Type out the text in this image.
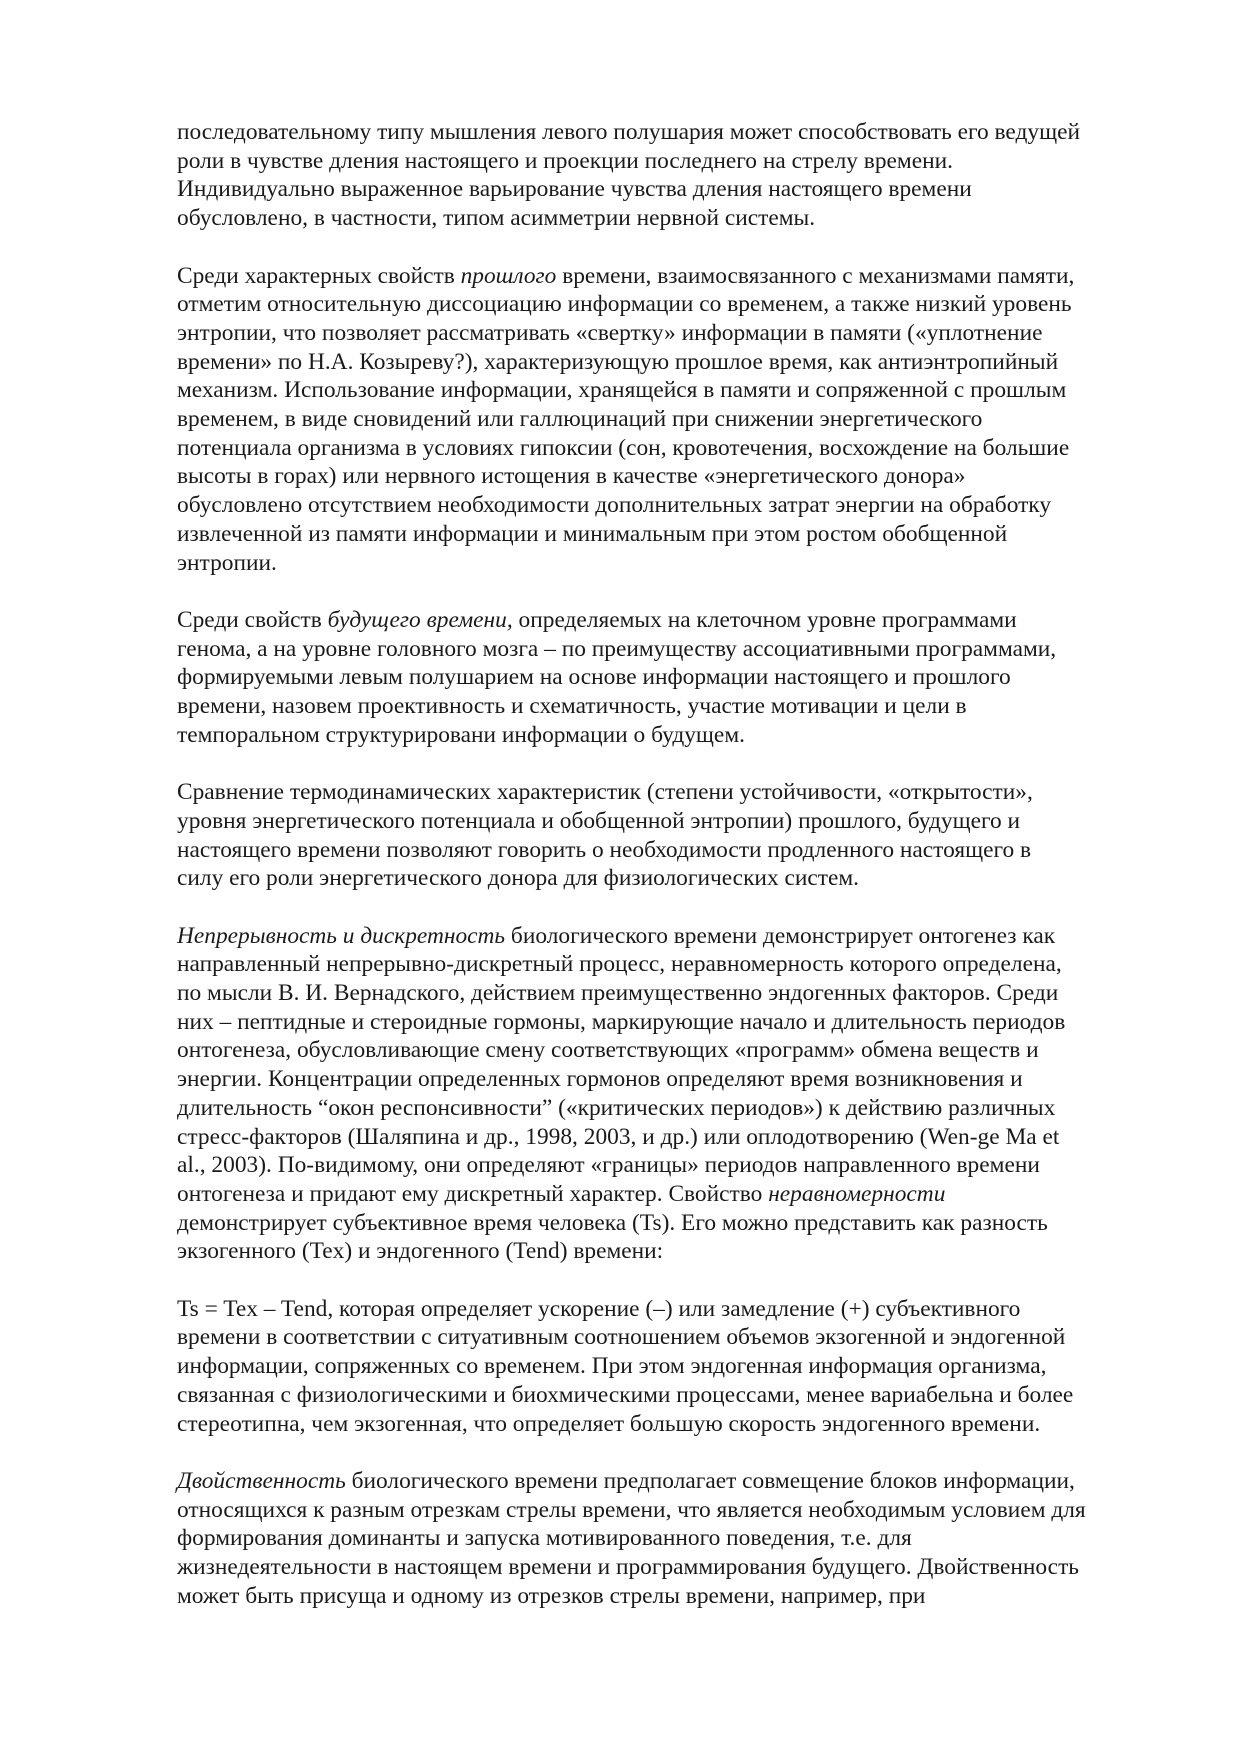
последовательному типу мышления левого полушария может способствовать его ведущей
роли в чувстве дления настоящего и проекции последнего на стрелу времени.
Индивидуально выраженное варьирование чувства дления настоящего времени
обусловлено, в частности, типом асимметрии нервной системы.

Среди характерных свойств прошлого времени, взаимосвязанного с механизмами памяти,
отметим относительную диссоциацию информации со временем, а также низкий уровень
энтропии, что позволяет рассматривать «свертку» информации в памяти («уплотнение
времени» по Н.А. Козыреву?), характеризующую прошлое время, как антиэнтропийный
механизм. Использование информации, хранящейся в памяти и сопряженной с прошлым
временем, в виде сновидений или галлюцинаций при снижении энергетического
потенциала организма в условиях гипоксии (сон, кровотечения, восхождение на большие
высоты в горах) или нервного истощения в качестве «энергетического донора»
обусловлено отсутствием необходимости дополнительных затрат энергии на обработку
извлеченной из памяти информации и минимальным при этом ростом обобщенной
энтропии.

Среди свойств будущего времени, определяемых на клеточном уровне программами
генома, а на уровне головного мозга – по преимуществу ассоциативными программами,
формируемыми левым полушарием на основе информации настоящего и прошлого
времени, назовем проективность и схематичность, участие мотивации и цели в
темпоральном структурировани информации о будущем.

Сравнение термодинамических характеристик (степени устойчивости, «открытости»,
уровня энергетического потенциала и обобщенной энтропии) прошлого, будущего и
настоящего времени позволяют говорить о необходимости продленного настоящего в
силу его роли энергетического донора для физиологических систем.

Непрерывность и дискретность биологического времени демонстрирует онтогенез как
направленный непрерывно-дискретный процесс, неравномерность которого определена,
по мысли В. И. Вернадского, действием преимущественно эндогенных факторов. Среди
них – пептидные и стероидные гормоны, маркирующие начало и длительность периодов
онтогенеза, обусловливающие смену соответствующих «программ» обмена веществ и
энергии. Концентрации определенных гормонов определяют время возникновения и
длительность “окон респонсивности” («критических периодов») к действию различных
стресс-факторов (Шаляпина и др., 1998, 2003, и др.) или оплодотворению (Wen-ge Ma et
al., 2003). По-видимому, они определяют «границы» периодов направленного времени
онтогенеза и придают ему дискретный характер. Свойство неравномерности
демонстрирует субъективное время человека (Ts). Его можно представить как разность
экзогенного (Tex) и эндогенного (Tend) времени:

Ts = Tex – Tend, которая определяет ускорение (–) или замедление (+) субъективного
времени в соответствии с ситуативным соотношением объемов экзогенной и эндогенной
информации, сопряженных со временем. При этом эндогенная информация организма,
связанная с физиологическими и биохмическими процессами, менее вариабельна и более
стереотипна, чем экзогенная, что определяет большую скорость эндогенного времени.

Двойственность биологического времени предполагает совмещение блоков информации,
относящихся к разным отрезкам стрелы времени, что является необходимым условием для
формирования доминанты и запуска мотивированного поведения, т.е. для
жизнедеятельности в настоящем времени и программирования будущего. Двойственность
может быть присуща и одному из отрезков стрелы времени, например, при
